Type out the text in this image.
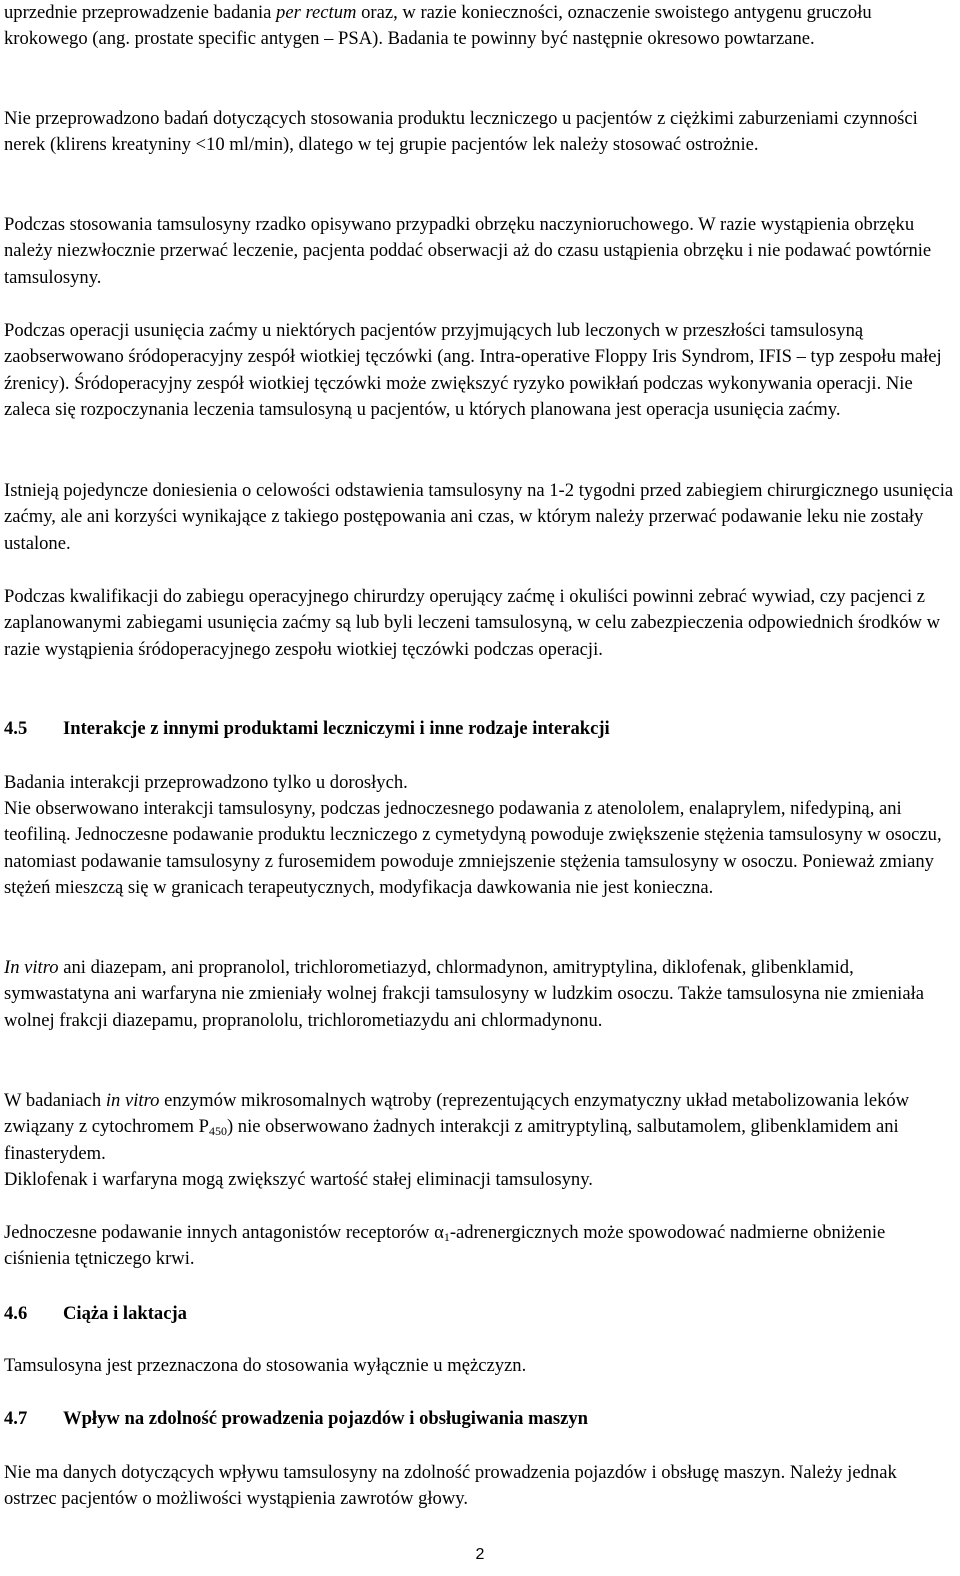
uprzednie przeprowadzenie badania per rectum oraz, w razie konieczności, oznaczenie swoistego antygenu gruczołu krokowego (ang. prostate specific antygen – PSA). Badania te powinny być następnie okresowo powtarzane.

Nie przeprowadzono badań dotyczących stosowania produktu leczniczego u pacjentów z ciężkimi zaburzeniami czynności nerek (klirens kreatyniny <10 ml/min), dlatego w tej grupie pacjentów lek należy stosować ostrożnie.

Podczas stosowania tamsulosyny rzadko opisywano przypadki obrzęku naczynioruchowego. W razie wystąpienia obrzęku należy niezwłocznie przerwać leczenie, pacjenta poddać obserwacji aż do czasu ustąpienia obrzęku i nie podawać powtórnie tamsulosyny.

Podczas operacji usunięcia zaćmy u niektórych pacjentów przyjmujących lub leczonych w przeszłości tamsulosyną zaobserwowano śródoperacyjny zespół wiotkiej tęczówki (ang. Intra-operative Floppy Iris Syndrom, IFIS – typ zespołu małej źrenicy). Śródoperacyjny zespół wiotkiej tęczówki może zwiększyć ryzyko powikłań podczas wykonywania operacji. Nie zaleca się rozpoczynania leczenia tamsulosyną u pacjentów, u których planowana jest operacja usunięcia zaćmy.

Istnieją pojedyncze doniesienia o celowości odstawienia tamsulosyny na 1-2 tygodni przed zabiegiem chirurgicznego usunięcia zaćmy, ale ani korzyści wynikające z takiego postępowania ani czas, w którym należy przerwać podawanie leku nie zostały ustalone.

Podczas kwalifikacji do zabiegu operacyjnego chirurdzy operujący zaćmę i okuliści powinni zebrać wywiad, czy pacjenci z zaplanowanymi zabiegami usunięcia zaćmy są lub byli leczeni tamsulosyną, w celu zabezpieczenia odpowiednich środków w razie wystąpienia śródoperacyjnego zespołu wiotkiej tęczówki podczas operacji.

4.5 Interakcje z innymi produktami leczniczymi i inne rodzaje interakcji

Badania interakcji przeprowadzono tylko u dorosłych.

Nie obserwowano interakcji tamsulosyny, podczas jednoczesnego podawania z atenololem, enalaprylem, nifedypiną, ani teofiliną. Jednoczesne podawanie produktu leczniczego z cymetydyną powoduje zwiększenie stężenia tamsulosyny w osoczu, natomiast podawanie tamsulosyny z furosemidem powoduje zmniejszenie stężenia tamsulosyny w osoczu. Ponieważ zmiany stężeń mieszczą się w granicach terapeutycznych, modyfikacja dawkowania nie jest konieczna.

In vitro ani diazepam, ani propranolol, trichlorometiazyd, chlormadynon, amitryptylina, diklofenak, glibenklamid, symwastatyna ani warfaryna nie zmieniały wolnej frakcji tamsulosyny w ludzkim osoczu. Także tamsulosyna nie zmieniała wolnej frakcji diazepamu, propranololu, trichlorometiazydu ani chlormadynonu.

W badaniach in vitro enzymów mikrosomalnych wątroby (reprezentujących enzymatyczny układ metabolizowania leków związany z cytochromem $P_{450}$) nie obserwowano żadnych interakcji z amitryptyliną, salbutamolem, glibenklamidem ani finasterydem.

Diklofenak i warfaryna mogą zwiększyć wartość stałej eliminacji tamsulosyny.

Jednoczesne podawanie innych antagonistów receptorów $\alpha_1$-adrenergicznych może spowodować nadmierne obniżenie ciśnienia tętniczego krwi.

4.6 Ciąża i laktacja

Tamsulosyna jest przeznaczona do stosowania wyłącznie u mężczyzn.

4.7 Wpływ na zdolność prowadzenia pojazdów i obsługiwania maszyn

Nie ma danych dotyczących wpływu tamsulosyny na zdolność prowadzenia pojazdów i obsługę maszyn. Należy jednak ostrzec pacjentów o możliwości wystąpienia zawrotów głowy.

2
